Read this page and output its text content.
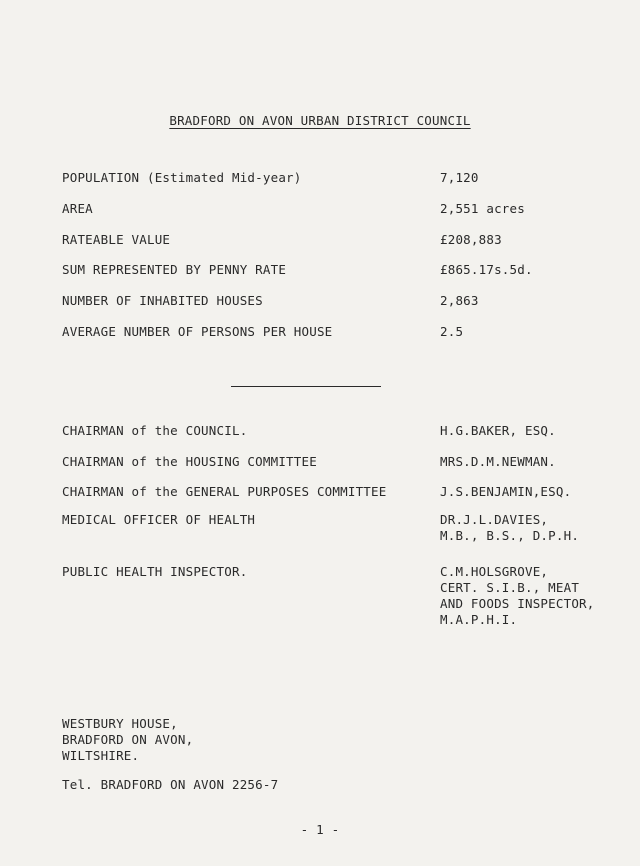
BRADFORD ON AVON URBAN DISTRICT COUNCIL
POPULATION (Estimated Mid-year)	7,120
AREA	2,551 acres
RATEABLE VALUE	£208,883
SUM REPRESENTED BY PENNY RATE	£865.17s.5d.
NUMBER OF INHABITED HOUSES	2,863
AVERAGE NUMBER OF PERSONS PER HOUSE	2.5
CHAIRMAN of the COUNCIL.	H.G.BAKER, ESQ.
CHAIRMAN of the HOUSING COMMITTEE	MRS.D.M.NEWMAN.
CHAIRMAN of the GENERAL PURPOSES COMMITTEE	J.S.BENJAMIN,ESQ.
MEDICAL OFFICER OF HEALTH	DR.J.L.DAVIES,
M.B., B.S., D.P.H.
PUBLIC HEALTH INSPECTOR.	C.M.HOLSGROVE,
CERT. S.I.B., MEAT
AND FOODS INSPECTOR,
M.A.P.H.I.
WESTBURY HOUSE,
BRADFORD ON AVON,
WILTSHIRE.
Tel. BRADFORD ON AVON 2256-7
- 1 -
